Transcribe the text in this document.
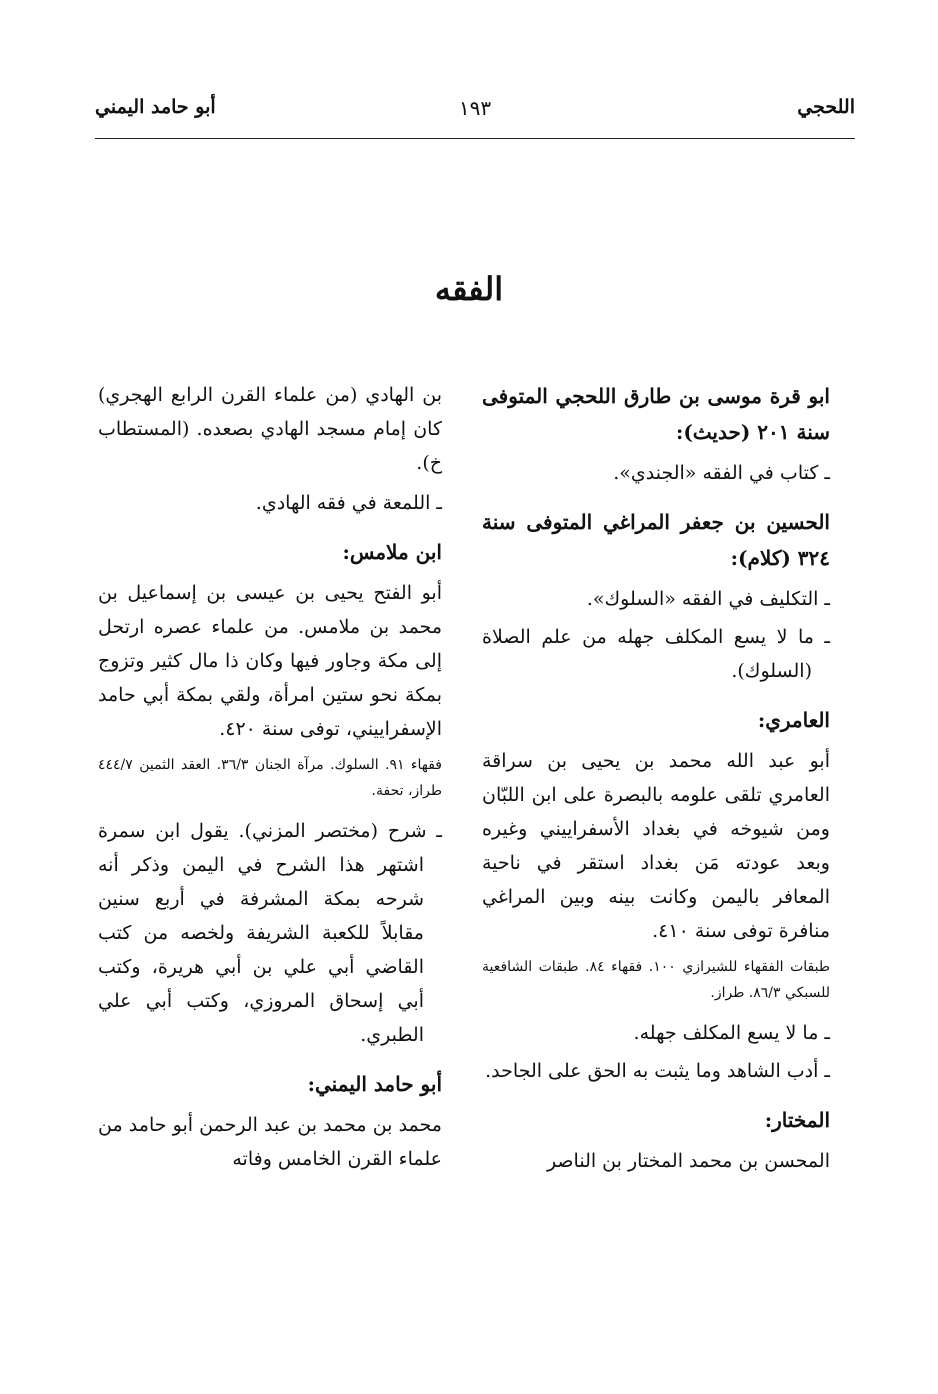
اللحجي
١٩٣
أبو حامد اليمني
الفقه
ابو قرة موسى بن طارق اللحجي المتوفى سنة ٢٠١ (حديث):
ـ كتاب في الفقه «الجندي».
الحسين بن جعفر المراغي المتوفى سنة ٣٢٤ (كلام):
ـ التكليف في الفقه «السلوك».
ـ ما لا يسع المكلف جهله من علم الصلاة (السلوك).
العامري:
أبو عبد الله محمد بن يحيى بن سراقة العامري تلقى علومه بالبصرة على ابن اللبّان ومن شيوخه في بغداد الأسفراييني وغيره وبعد عودته مَن بغداد استقر في ناحية المعافر باليمن وكانت بينه وبين المراغي منافرة توفى سنة ٤١٠.
طبقات الفقهاء للشيرازي ١٠٠. فقهاء ٨٤. طبقات الشافعية للسبكي ٨٦/٣. طراز.
ـ ما لا يسع المكلف جهله.
ـ أدب الشاهد وما يثبت به الحق على الجاحد.
المختار:
المحسن بن محمد المختار بن الناصر
بن الهادي (من علماء القرن الرابع الهجري) كان إمام مسجد الهادي بصعده. (المستطاب خ).
ـ اللمعة في فقه الهادي.
ابن ملامس:
أبو الفتح يحيى بن عيسى بن إسماعيل بن محمد بن ملامس. من علماء عصره ارتحل إلى مكة وجاور فيها وكان ذا مال كثير وتزوج بمكة نحو ستين امرأة، ولقي بمكة أبي حامد الإسفراييني، توفى سنة ٤٢٠.
فقهاء ٩١. السلوك. مرآة الجنان ٣٦/٣. العقد الثمين ٤٤٤/٧ طراز، تحفة.
ـ شرح (مختصر المزني). يقول ابن سمرة اشتهر هذا الشرح في اليمن وذكر أنه شرحه بمكة المشرفة في أربع سنين مقابلاً للكعبة الشريفة ولخصه من كتب القاضي أبي علي بن أبي هريرة، وكتب أبي إسحاق المروزي، وكتب أبي علي الطبري.
أبو حامد اليمني:
محمد بن محمد بن عبد الرحمن أبو حامد من علماء القرن الخامس وفاته
